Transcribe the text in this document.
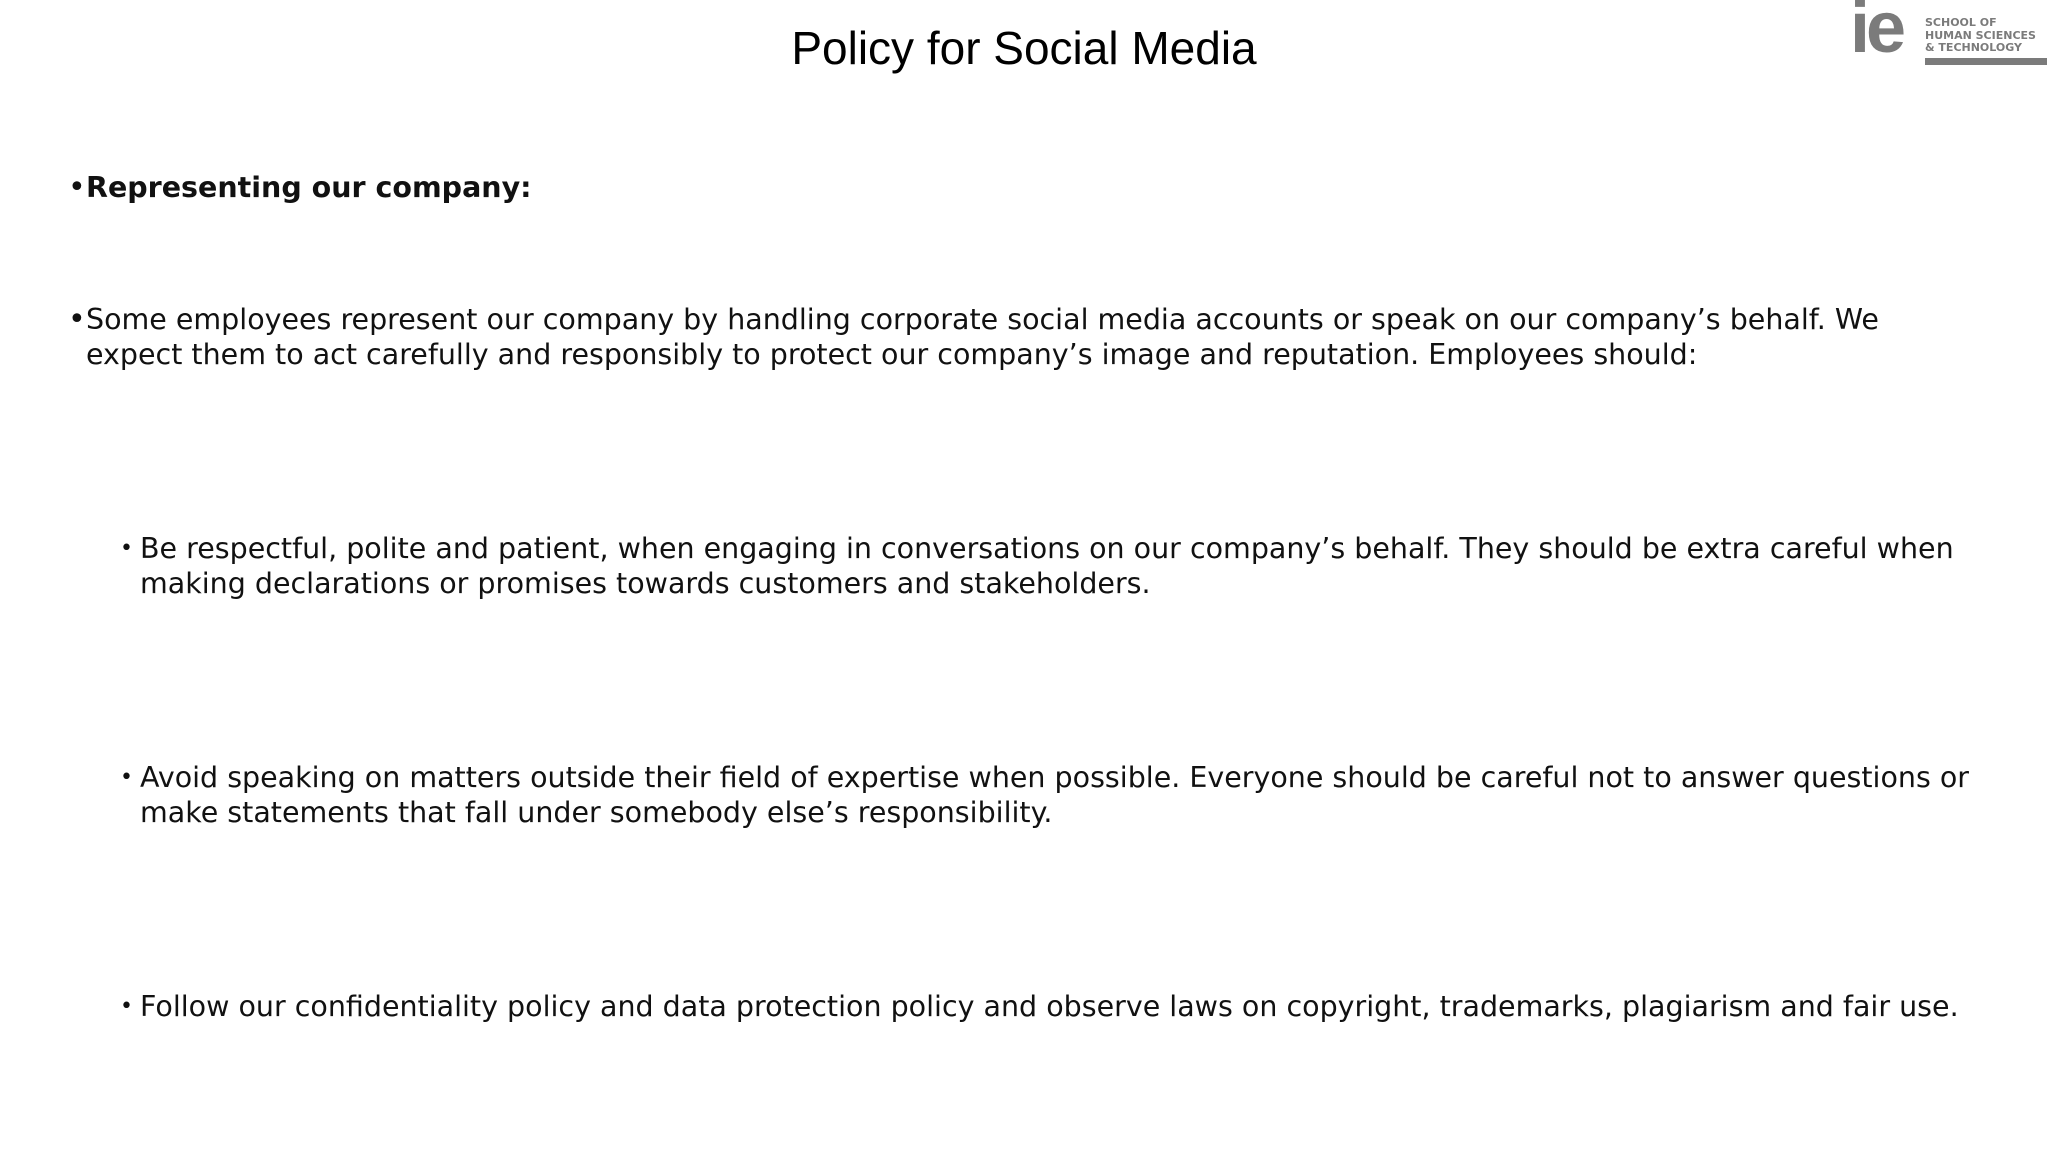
Policy for Social Media	ie SCHOOL OF
HUMAN SCIENCES
& TECHNOLOGY
• Representing our company:
• Some employees represent our company by handling corporate social media accounts or speak on our company’s behalf. We expect them to act carefully and responsibly to protect our company’s image and reputation. Employees should:
• Be respectful, polite and patient, when engaging in conversations on our company’s behalf. They should be extra careful when making declarations or promises towards customers and stakeholders.
• Avoid speaking on matters outside their field of expertise when possible. Everyone should be careful not to answer questions or make statements that fall under somebody else’s responsibility.
• Follow our confidentiality policy and data protection policy and observe laws on copyright, trademarks, plagiarism and fair use.
